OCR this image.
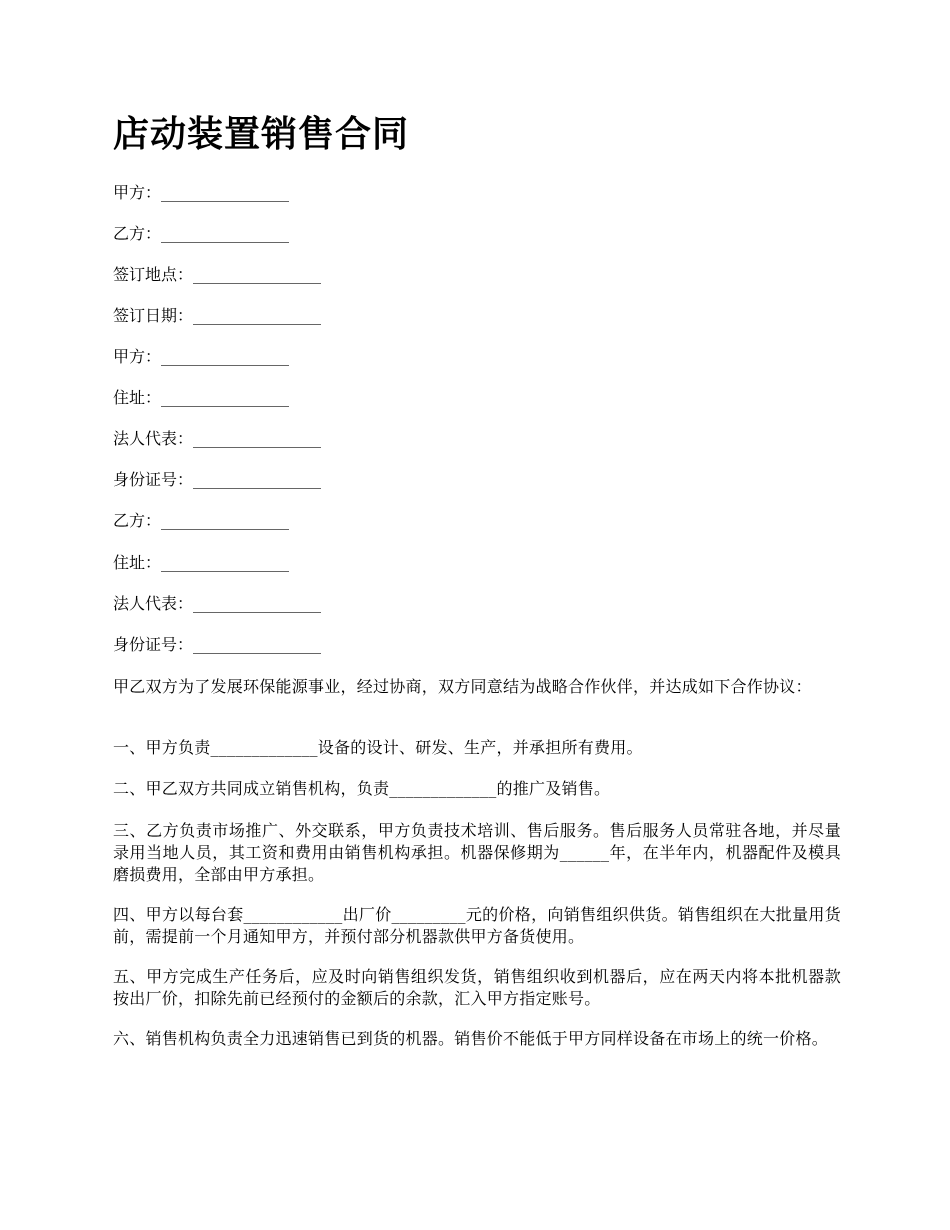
店动装置销售合同
甲方：________________
乙方：________________
签订地点：________________
签订日期：________________
甲方：________________
住址：________________
法人代表：________________
身份证号：________________
乙方：________________
住址：________________
法人代表：________________
身份证号：________________

甲乙双方为了发展环保能源事业，经过协商，双方同意结为战略合作伙伴，并达成如下合作协议：

一、甲方负责_____________设备的设计、研发、生产，并承担所有费用。

二、甲乙双方共同成立销售机构，负责_____________的推广及销售。

三、乙方负责市场推广、外交联系，甲方负责技术培训、售后服务。售后服务人员常驻各地，并尽量录用当地人员，其工资和费用由销售机构承担。机器保修期为______年，在半年内，机器配件及模具磨损费用，全部由甲方承担。

四、甲方以每台套____________出厂价_________元的价格，向销售组织供货。销售组织在大批量用货前，需提前一个月通知甲方，并预付部分机器款供甲方备货使用。

五、甲方完成生产任务后，应及时向销售组织发货，销售组织收到机器后，应在两天内将本批机器款按出厂价，扣除先前已经预付的金额后的余款，汇入甲方指定账号。

六、销售机构负责全力迅速销售已到货的机器。销售价不能低于甲方同样设备在市场上的统一价格。
